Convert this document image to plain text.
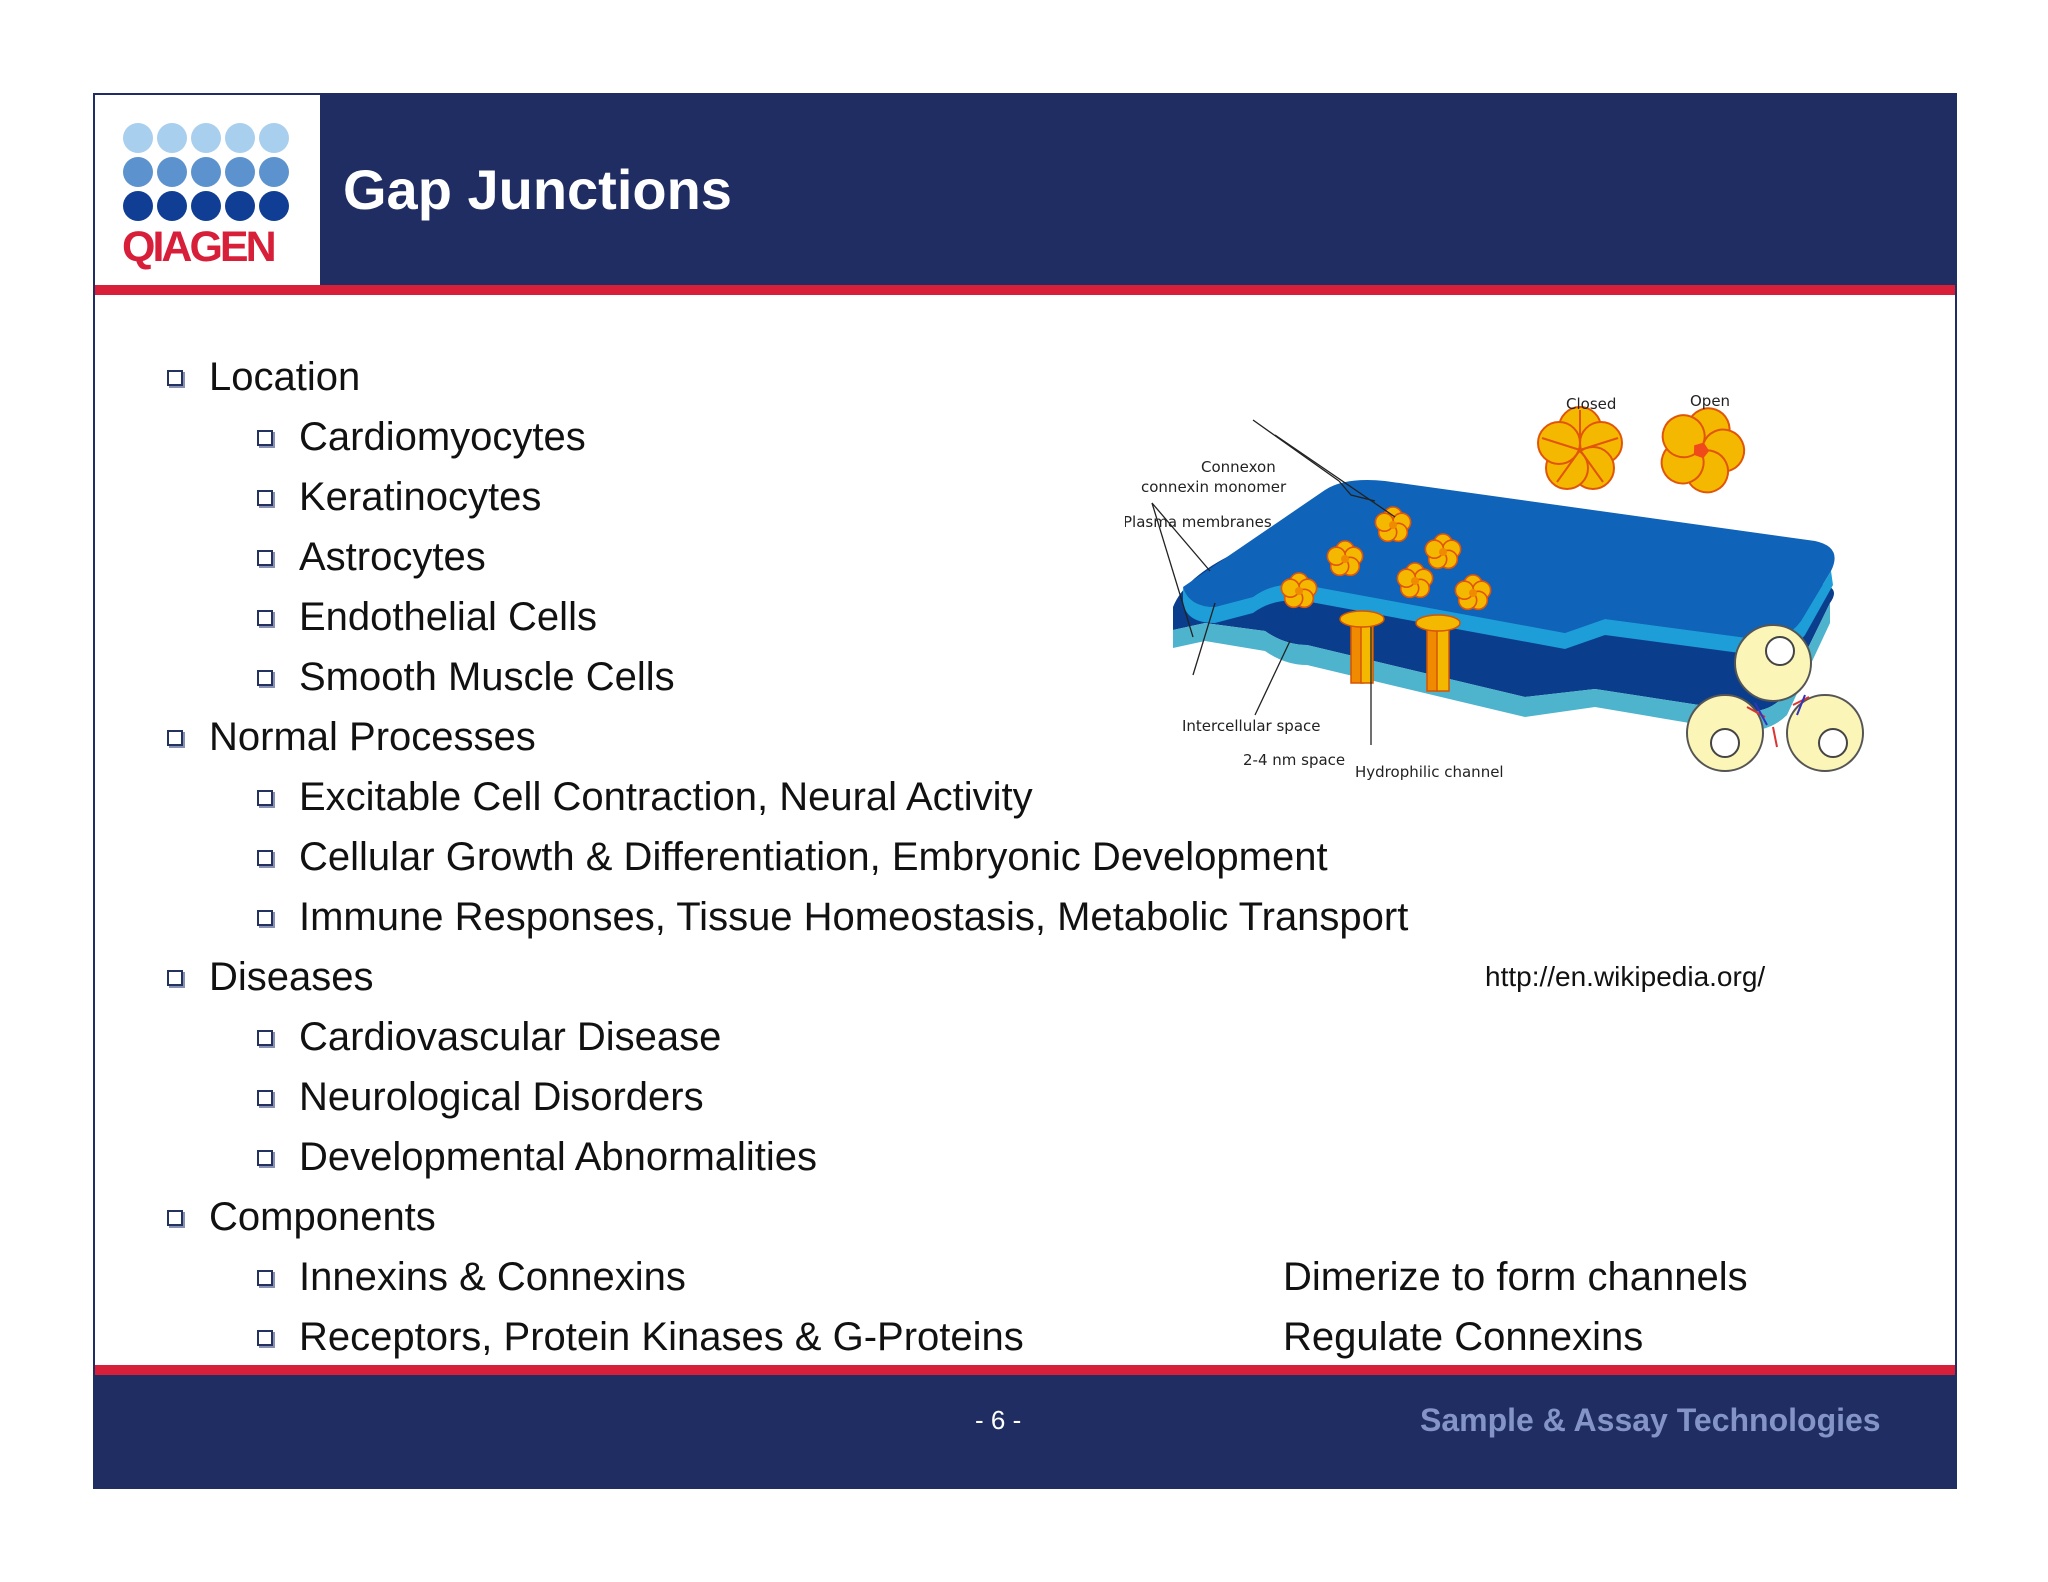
QIAGEN
Gap Junctions
Location
Cardiomyocytes
Keratinocytes
Astrocytes
Endothelial Cells
Smooth Muscle Cells
Normal Processes
Excitable Cell Contraction, Neural Activity
Cellular Growth & Differentiation, Embryonic Development
Immune Responses, Tissue Homeostasis, Metabolic Transport
Diseases
Cardiovascular Disease
Neurological Disorders
Developmental Abnormalities
Components
Innexins & Connexins
Receptors, Protein Kinases & G-Proteins
Dimerize to form channels
Regulate Connexins
Closed	Open
Connexon
connexin monomer
Plasma membranes
Intercellular space
2-4 nm space
Hydrophilic channel
http://en.wikipedia.org/
- 6 -	Sample & Assay Technologies
